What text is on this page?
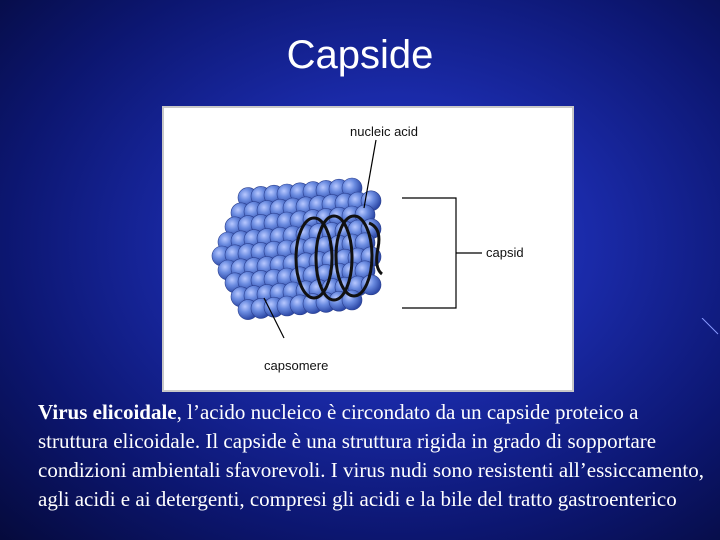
Capside
nucleic acid
capsid
capsomere
Virus elicoidale, l’acido nucleico è circondato da un capside proteico a struttura elicoidale. Il capside è una struttura rigida in grado di sopportare condizioni ambientali sfavorevoli. I virus nudi sono resistenti all’essiccamento, agli acidi e ai detergenti, compresi gli acidi e la bile del tratto gastroenterico
